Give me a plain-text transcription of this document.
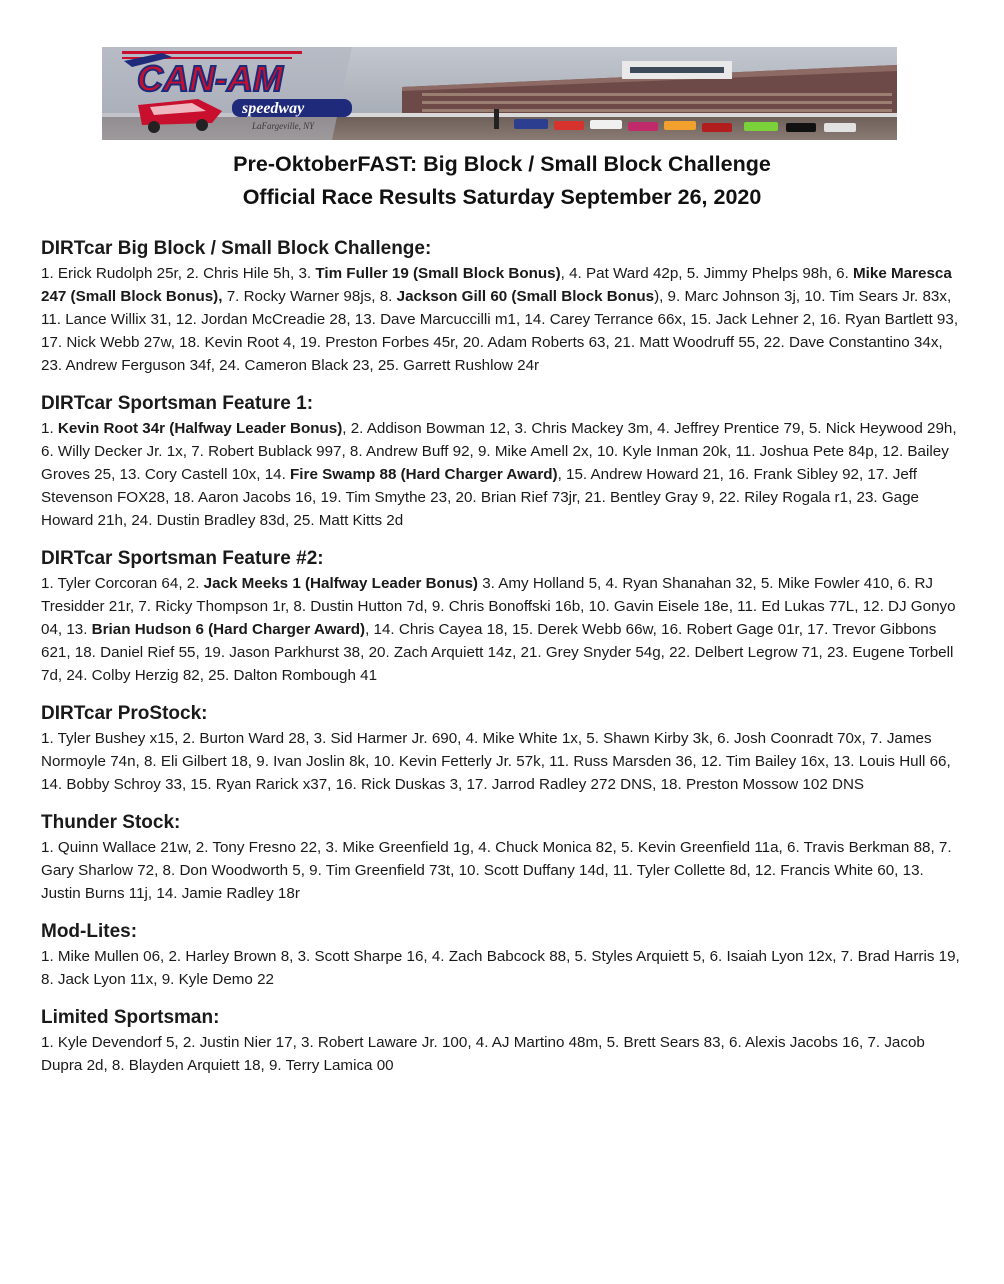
CAN-AM
speedway
LaFargeville, NY
Pre-OktoberFAST: Big Block / Small Block Challenge
Official Race Results Saturday September 26, 2020
DIRTcar Big Block / Small Block Challenge:

1. Erick Rudolph 25r, 2. Chris Hile 5h, 3. Tim Fuller 19 (Small Block Bonus), 4. Pat Ward 42p, 5. Jimmy Phelps 98h, 6. Mike Maresca 247 (Small Block Bonus), 7. Rocky Warner 98js, 8. Jackson Gill 60 (Small Block Bonus), 9. Marc Johnson 3j, 10. Tim Sears Jr. 83x, 11. Lance Willix 31, 12. Jordan McCreadie 28, 13. Dave Marcuccilli m1, 14. Carey Terrance 66x, 15. Jack Lehner 2, 16. Ryan Bartlett 93, 17. Nick Webb 27w, 18. Kevin Root 4, 19. Preston Forbes 45r, 20. Adam Roberts 63, 21. Matt Woodruff 55, 22. Dave Constantino 34x, 23. Andrew Ferguson 34f, 24. Cameron Black 23, 25. Garrett Rushlow 24r

DIRTcar Sportsman Feature 1:

1. Kevin Root 34r (Halfway Leader Bonus), 2. Addison Bowman 12, 3. Chris Mackey 3m, 4. Jeffrey Prentice 79, 5. Nick Heywood 29h, 6. Willy Decker Jr. 1x, 7. Robert Bublack 997, 8. Andrew Buff 92, 9. Mike Amell 2x, 10. Kyle Inman 20k, 11. Joshua Pete 84p, 12. Bailey Groves 25, 13. Cory Castell 10x, 14. Fire Swamp 88 (Hard Charger Award), 15. Andrew Howard 21, 16. Frank Sibley 92, 17. Jeff Stevenson FOX28, 18. Aaron Jacobs 16, 19. Tim Smythe 23, 20. Brian Rief 73jr, 21. Bentley Gray 9, 22. Riley Rogala r1, 23. Gage Howard 21h, 24. Dustin Bradley 83d, 25. Matt Kitts 2d

DIRTcar Sportsman Feature #2:

1. Tyler Corcoran 64, 2. Jack Meeks 1 (Halfway Leader Bonus) 3. Amy Holland 5, 4. Ryan Shanahan 32, 5. Mike Fowler 410, 6. RJ Tresidder 21r, 7. Ricky Thompson 1r, 8. Dustin Hutton 7d, 9. Chris Bonoffski 16b, 10. Gavin Eisele 18e, 11. Ed Lukas 77L, 12. DJ Gonyo 04, 13. Brian Hudson 6 (Hard Charger Award), 14. Chris Cayea 18, 15. Derek Webb 66w, 16. Robert Gage 01r, 17. Trevor Gibbons 621, 18. Daniel Rief 55, 19. Jason Parkhurst 38, 20. Zach Arquiett 14z, 21. Grey Snyder 54g, 22. Delbert Legrow 71, 23. Eugene Torbell 7d, 24. Colby Herzig 82, 25. Dalton Rombough 41

DIRTcar ProStock:

1. Tyler Bushey x15, 2. Burton Ward 28, 3. Sid Harmer Jr. 690, 4. Mike White 1x, 5. Shawn Kirby 3k, 6. Josh Coonradt 70x, 7. James Normoyle 74n, 8. Eli Gilbert 18, 9. Ivan Joslin 8k, 10. Kevin Fetterly Jr. 57k, 11. Russ Marsden 36, 12. Tim Bailey 16x, 13. Louis Hull 66, 14. Bobby Schroy 33, 15. Ryan Rarick x37, 16. Rick Duskas 3, 17. Jarrod Radley 272 DNS, 18. Preston Mossow 102 DNS

Thunder Stock:

1. Quinn Wallace 21w, 2. Tony Fresno 22, 3. Mike Greenfield 1g, 4. Chuck Monica 82, 5. Kevin Greenfield 11a, 6. Travis Berkman 88, 7. Gary Sharlow 72, 8. Don Woodworth 5, 9. Tim Greenfield 73t, 10. Scott Duffany 14d, 11. Tyler Collette 8d, 12. Francis White 60, 13. Justin Burns 11j, 14. Jamie Radley 18r

Mod-Lites:

1. Mike Mullen 06, 2. Harley Brown 8, 3. Scott Sharpe 16, 4. Zach Babcock 88, 5. Styles Arquiett 5, 6. Isaiah Lyon 12x, 7. Brad Harris 19, 8. Jack Lyon 11x, 9. Kyle Demo 22

Limited Sportsman:

1. Kyle Devendorf 5, 2. Justin Nier 17, 3. Robert Laware Jr. 100, 4. AJ Martino 48m, 5. Brett Sears 83, 6. Alexis Jacobs 16, 7. Jacob Dupra 2d, 8. Blayden Arquiett 18, 9. Terry Lamica 00
